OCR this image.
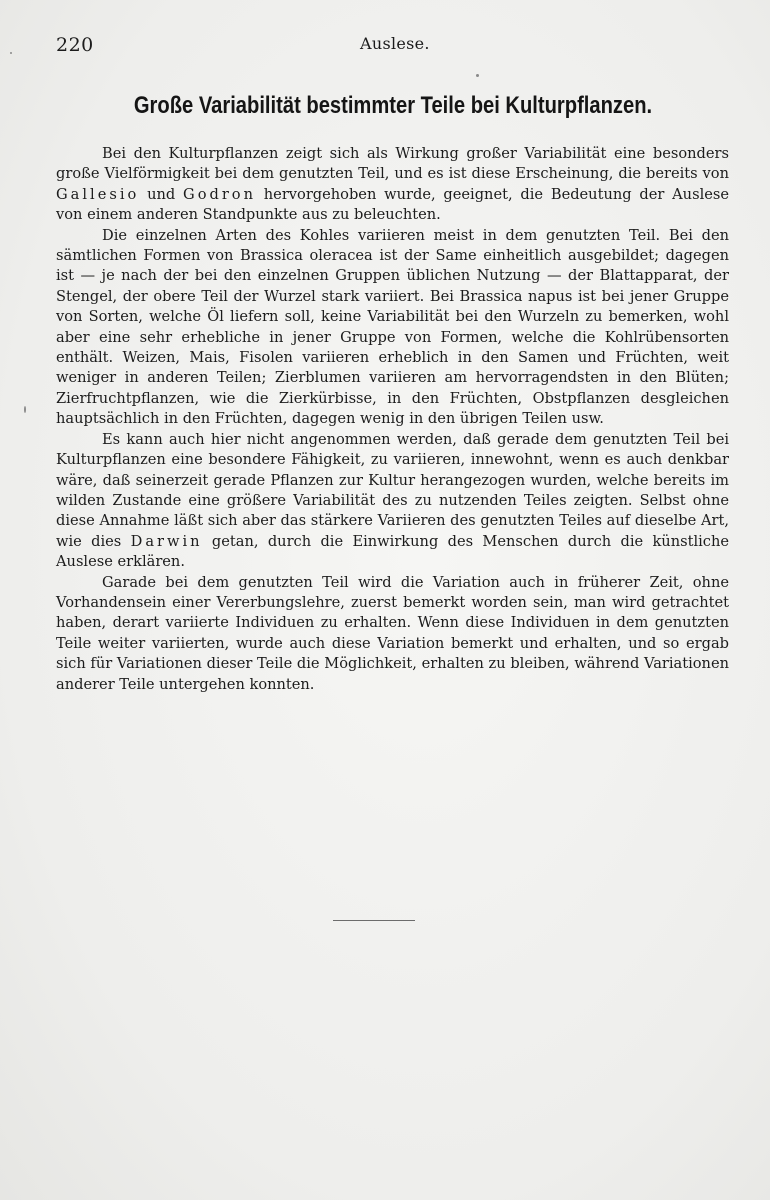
220	Auslese.
Große Variabilität bestimmter Teile bei Kulturpflanzen.

Bei den Kulturpflanzen zeigt sich als Wirkung großer Variabilität eine besonders große Vielförmigkeit bei dem genutzten Teil, und es ist diese Erscheinung, die bereits von Gallesio und Godron hervorgehoben wurde, geeignet, die Bedeutung der Auslese von einem anderen Standpunkte aus zu beleuchten.

Die einzelnen Arten des Kohles variieren meist in dem genutzten Teil. Bei den sämtlichen Formen von Brassica oleracea ist der Same einheitlich ausgebildet; dagegen ist — je nach der bei den einzelnen Gruppen üblichen Nutzung — der Blattapparat, der Stengel, der obere Teil der Wurzel stark variiert. Bei Brassica napus ist bei jener Gruppe von Sorten, welche Öl liefern soll, keine Variabilität bei den Wurzeln zu bemerken, wohl aber eine sehr erhebliche in jener Gruppe von Formen, welche die Kohlrübensorten enthält. Weizen, Mais, Fisolen variieren erheblich in den Samen und Früchten, weit weniger in anderen Teilen; Zierblumen variieren am hervorragendsten in den Blüten; Zierfruchtpflanzen, wie die Zierkürbisse, in den Früchten, Obstpflanzen desgleichen hauptsächlich in den Früchten, dagegen wenig in den übrigen Teilen usw.

Es kann auch hier nicht angenommen werden, daß gerade dem genutzten Teil bei Kulturpflanzen eine besondere Fähigkeit, zu variieren, innewohnt, wenn es auch denkbar wäre, daß seinerzeit gerade Pflanzen zur Kultur herangezogen wurden, welche bereits im wilden Zustande eine größere Variabilität des zu nutzenden Teiles zeigten. Selbst ohne diese Annahme läßt sich aber das stärkere Variieren des genutzten Teiles auf dieselbe Art, wie dies Darwin getan, durch die Einwirkung des Menschen durch die künstliche Auslese erklären.

Garade bei dem genutzten Teil wird die Variation auch in früherer Zeit, ohne Vorhandensein einer Vererbungslehre, zuerst bemerkt worden sein, man wird getrachtet haben, derart variierte Individuen zu erhalten. Wenn diese Individuen in dem genutzten Teile weiter variierten, wurde auch diese Variation bemerkt und erhalten, und so ergab sich für Variationen dieser Teile die Möglichkeit, erhalten zu bleiben, während Variationen anderer Teile untergehen konnten.
